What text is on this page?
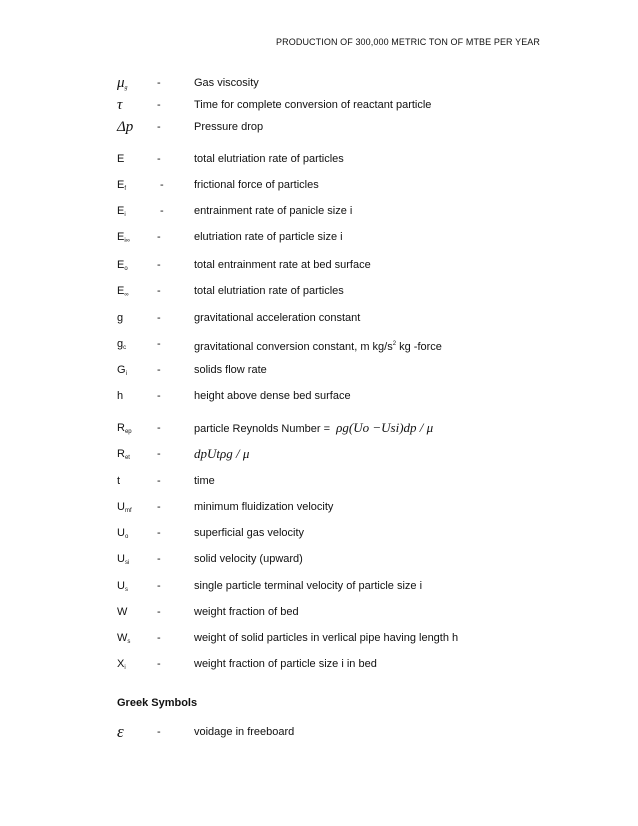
PRODUCTION OF 300,000 METRIC TON OF MTBE PER YEAR
$\mu_g$	-	Gas viscosity
τ	-	Time for complete conversion of reactant particle
Δp -	Pressure drop
E	-	total elutriation rate of particles
$E_f$	-	frictional force of particles
$E_i$	-	entrainment rate of panicle size i
$E_{i\infty}$ -	elutriation rate of particle size i
$E_o$	-	total entrainment rate at bed surface
$E_\infty$	-	total elutriation rate of particles
g	-	gravitational acceleration constant
$g_c$	-	gravitational conversion constant, m $kg/s^2$ kg -force
$G_i$	-	solids flow rate
h	-	height above dense bed surface
$R_{ep}$ -	particle Reynolds Number = ρg(Uo −Usi)dp / μ
$R_{et}$ -	dpUtρg / μ
t	-	time
$U_{mf}$ -	minimum fluidization velocity
$U_o$	-	superficial gas velocity
$U_{si}$	-	solid velocity (upward)
$U_s$	-	single particle terminal velocity of particle size i
W	-	weight fraction of bed
$W_s$ -	weight of solid particles in verlical pipe having length h
$X_i$	-	weight fraction of particle size i in bed
Greek Symbols
ε	-	voidage in freeboard
